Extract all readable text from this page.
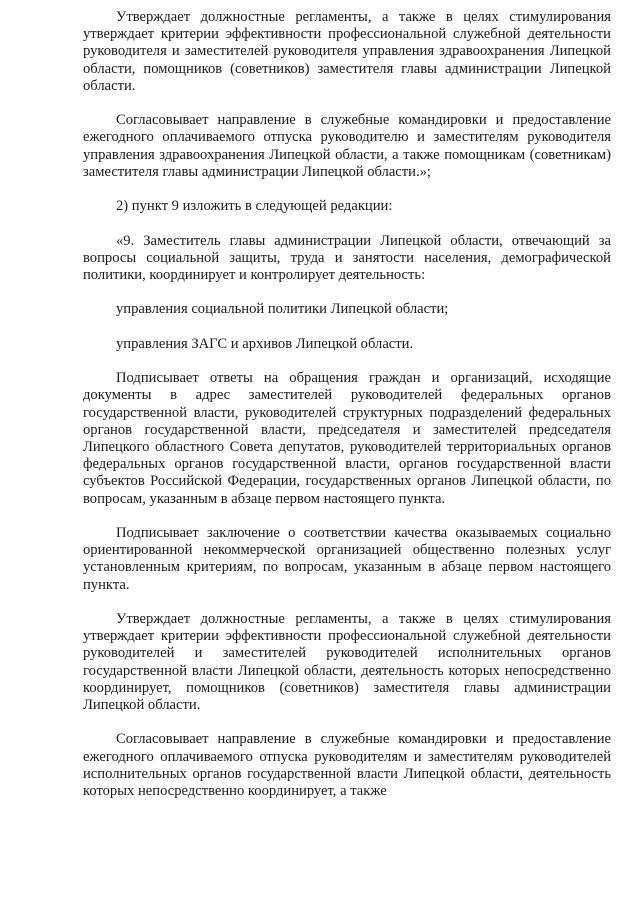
Утверждает должностные регламенты, а также в целях стимулирования утверждает критерии эффективности профессиональной служебной деятельности руководителя и заместителей руководителя управления здравоохранения Липецкой области, помощников (советников) заместителя главы администрации Липецкой области.

Согласовывает направление в служебные командировки и предоставление ежегодного оплачиваемого отпуска руководителю и заместителям руководителя управления здравоохранения Липецкой области, а также помощникам (советникам) заместителя главы администрации Липецкой области.»;

2) пункт 9 изложить в следующей редакции:

«9. Заместитель главы администрации Липецкой области, отвечающий за вопросы социальной защиты, труда и занятости населения, демографической политики, координирует и контролирует деятельность:

управления социальной политики Липецкой области;

управления ЗАГС и архивов Липецкой области.

Подписывает ответы на обращения граждан и организаций, исходящие документы в адрес заместителей руководителей федеральных органов государственной власти, руководителей структурных подразделений федеральных органов государственной власти, председателя и заместителей председателя Липецкого областного Совета депутатов, руководителей территориальных органов федеральных органов государственной власти, органов государственной власти субъектов Российской Федерации, государственных органов Липецкой области, по вопросам, указанным в абзаце первом настоящего пункта.

Подписывает заключение о соответствии качества оказываемых социально ориентированной некоммерческой организацией общественно полезных услуг установленным критериям, по вопросам, указанным в абзаце первом настоящего пункта.

Утверждает должностные регламенты, а также в целях стимулирования утверждает критерии эффективности профессиональной служебной деятельности руководителей и заместителей руководителей исполнительных органов государственной власти Липецкой области, деятельность которых непосредственно координирует, помощников (советников) заместителя главы администрации Липецкой области.

Согласовывает направление в служебные командировки и предоставление ежегодного оплачиваемого отпуска руководителям и заместителям руководителей исполнительных органов государственной власти Липецкой области, деятельность которых непосредственно координирует, а также
